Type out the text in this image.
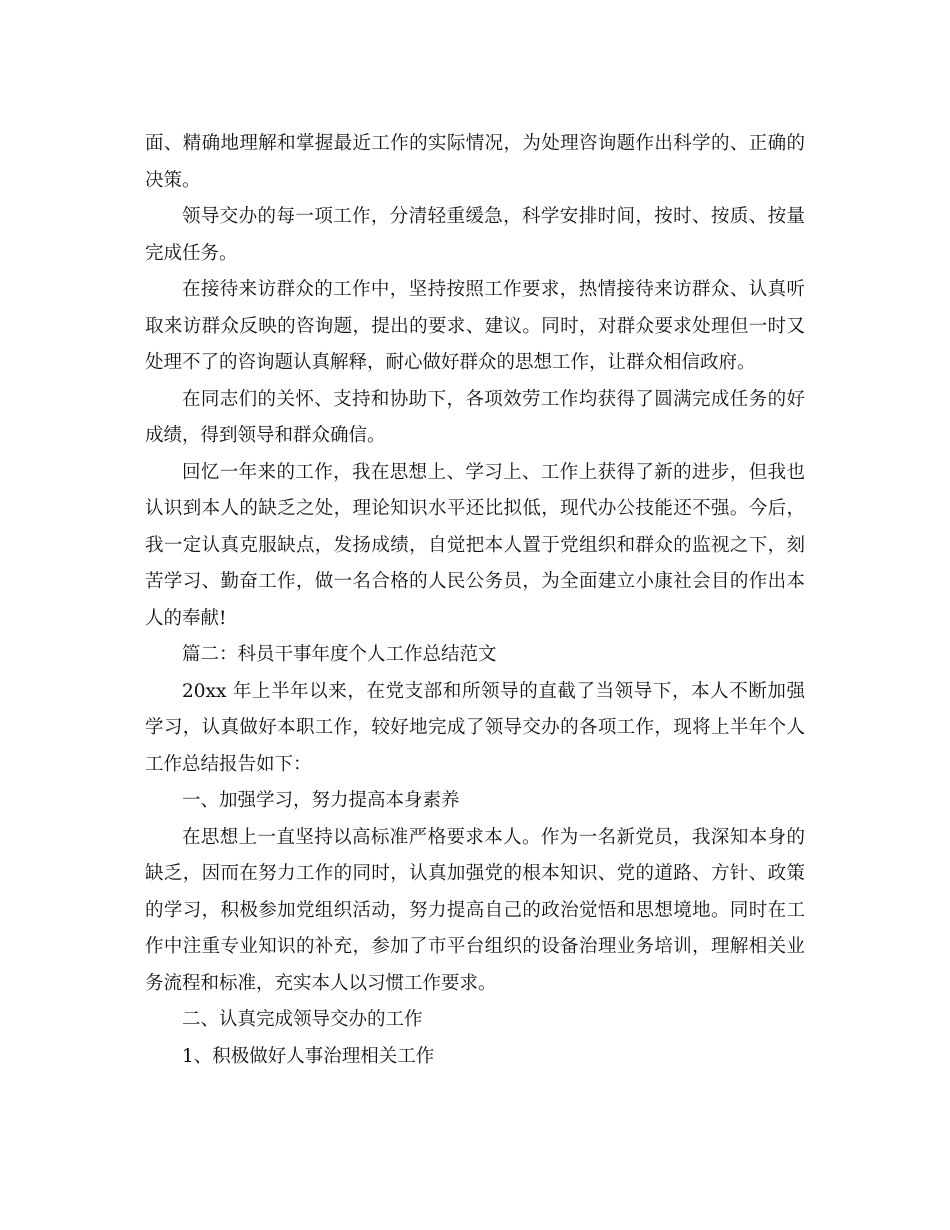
面、精确地理解和掌握最近工作的实际情况，为处理咨询题作出科学的、正确的决策。

领导交办的每一项工作，分清轻重缓急，科学安排时间，按时、按质、按量完成任务。

在接待来访群众的工作中，坚持按照工作要求，热情接待来访群众、认真听取来访群众反映的咨询题，提出的要求、建议。同时，对群众要求处理但一时又处理不了的咨询题认真解释，耐心做好群众的思想工作，让群众相信政府。

在同志们的关怀、支持和协助下，各项效劳工作均获得了圆满完成任务的好成绩，得到领导和群众确信。

回忆一年来的工作，我在思想上、学习上、工作上获得了新的进步，但我也认识到本人的缺乏之处，理论知识水平还比拟低，现代办公技能还不强。今后，我一定认真克服缺点，发扬成绩，自觉把本人置于党组织和群众的监视之下，刻苦学习、勤奋工作，做一名合格的人民公务员，为全面建立小康社会目的作出本人的奉献!

篇二：科员干事年度个人工作总结范文

20xx 年上半年以来，在党支部和所领导的直截了当领导下，本人不断加强学习，认真做好本职工作，较好地完成了领导交办的各项工作，现将上半年个人工作总结报告如下：

一、加强学习，努力提高本身素养

在思想上一直坚持以高标准严格要求本人。作为一名新党员，我深知本身的缺乏，因而在努力工作的同时，认真加强党的根本知识、党的道路、方针、政策的学习，积极参加党组织活动，努力提高自己的政治觉悟和思想境地。同时在工作中注重专业知识的补充，参加了市平台组织的设备治理业务培训，理解相关业务流程和标准，充实本人以习惯工作要求。

二、认真完成领导交办的工作

1、积极做好人事治理相关工作
